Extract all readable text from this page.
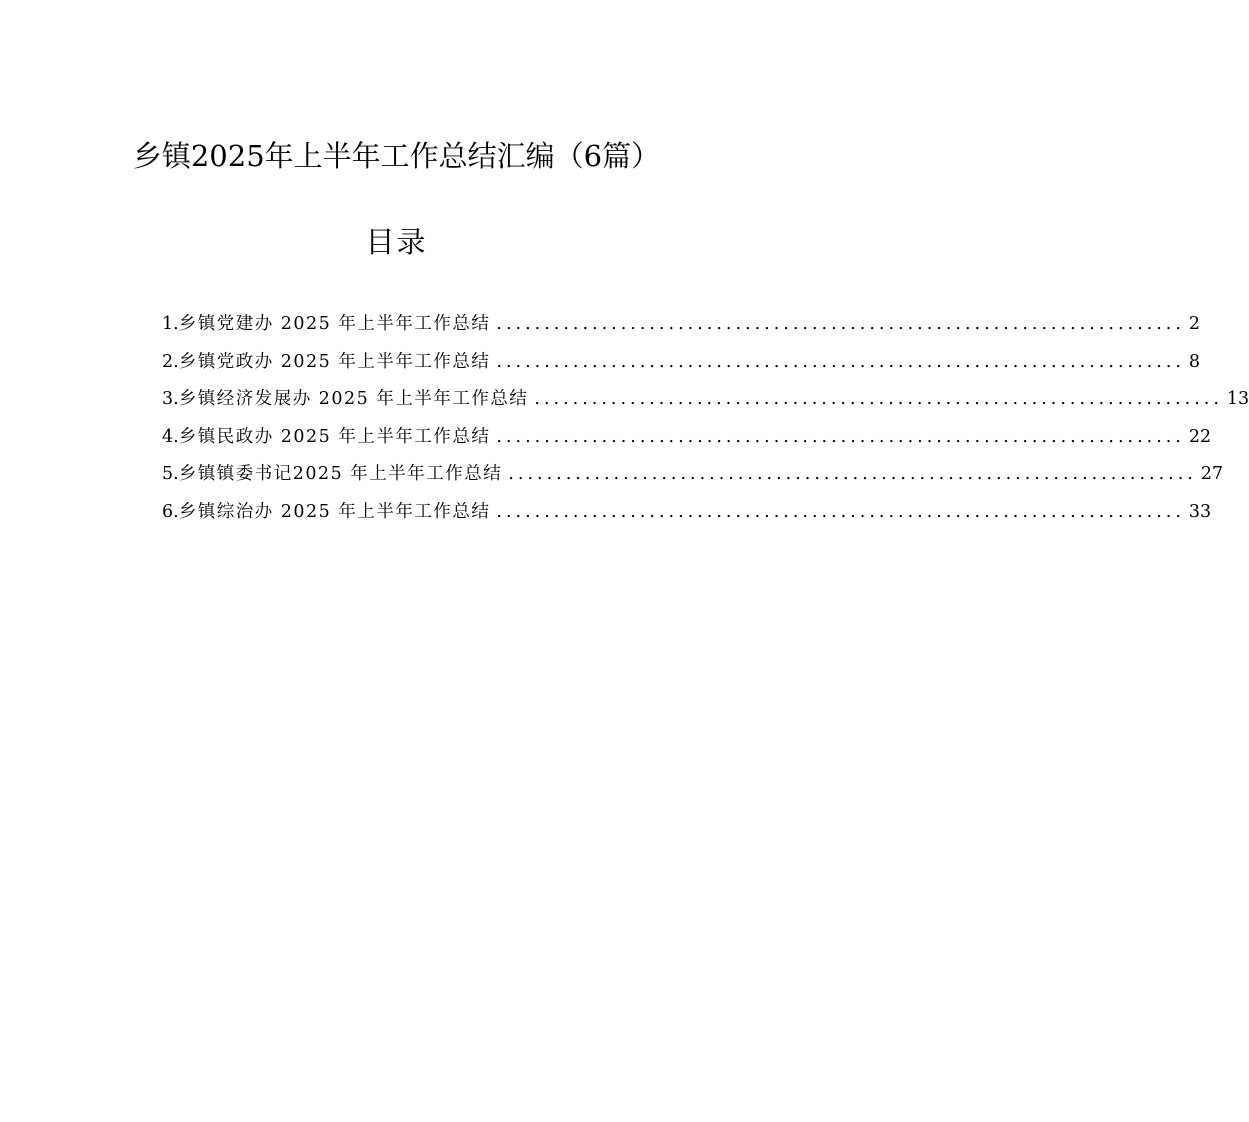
乡镇2025年上半年工作总结汇编（6篇）
目录
1. 乡镇党建办 2025 年上半年工作总结 ........................................................................ 2
2. 乡镇党政办 2025 年上半年工作总结 ........................................................................ 8
3. 乡镇经济发展办 2025 年上半年工作总结 ........................................................................ 13
4. 乡镇民政办 2025 年上半年工作总结 ........................................................................ 22
5. 乡镇镇委书记2025 年上半年工作总结 ........................................................................ 27
6. 乡镇综治办 2025 年上半年工作总结 ........................................................................ 33
